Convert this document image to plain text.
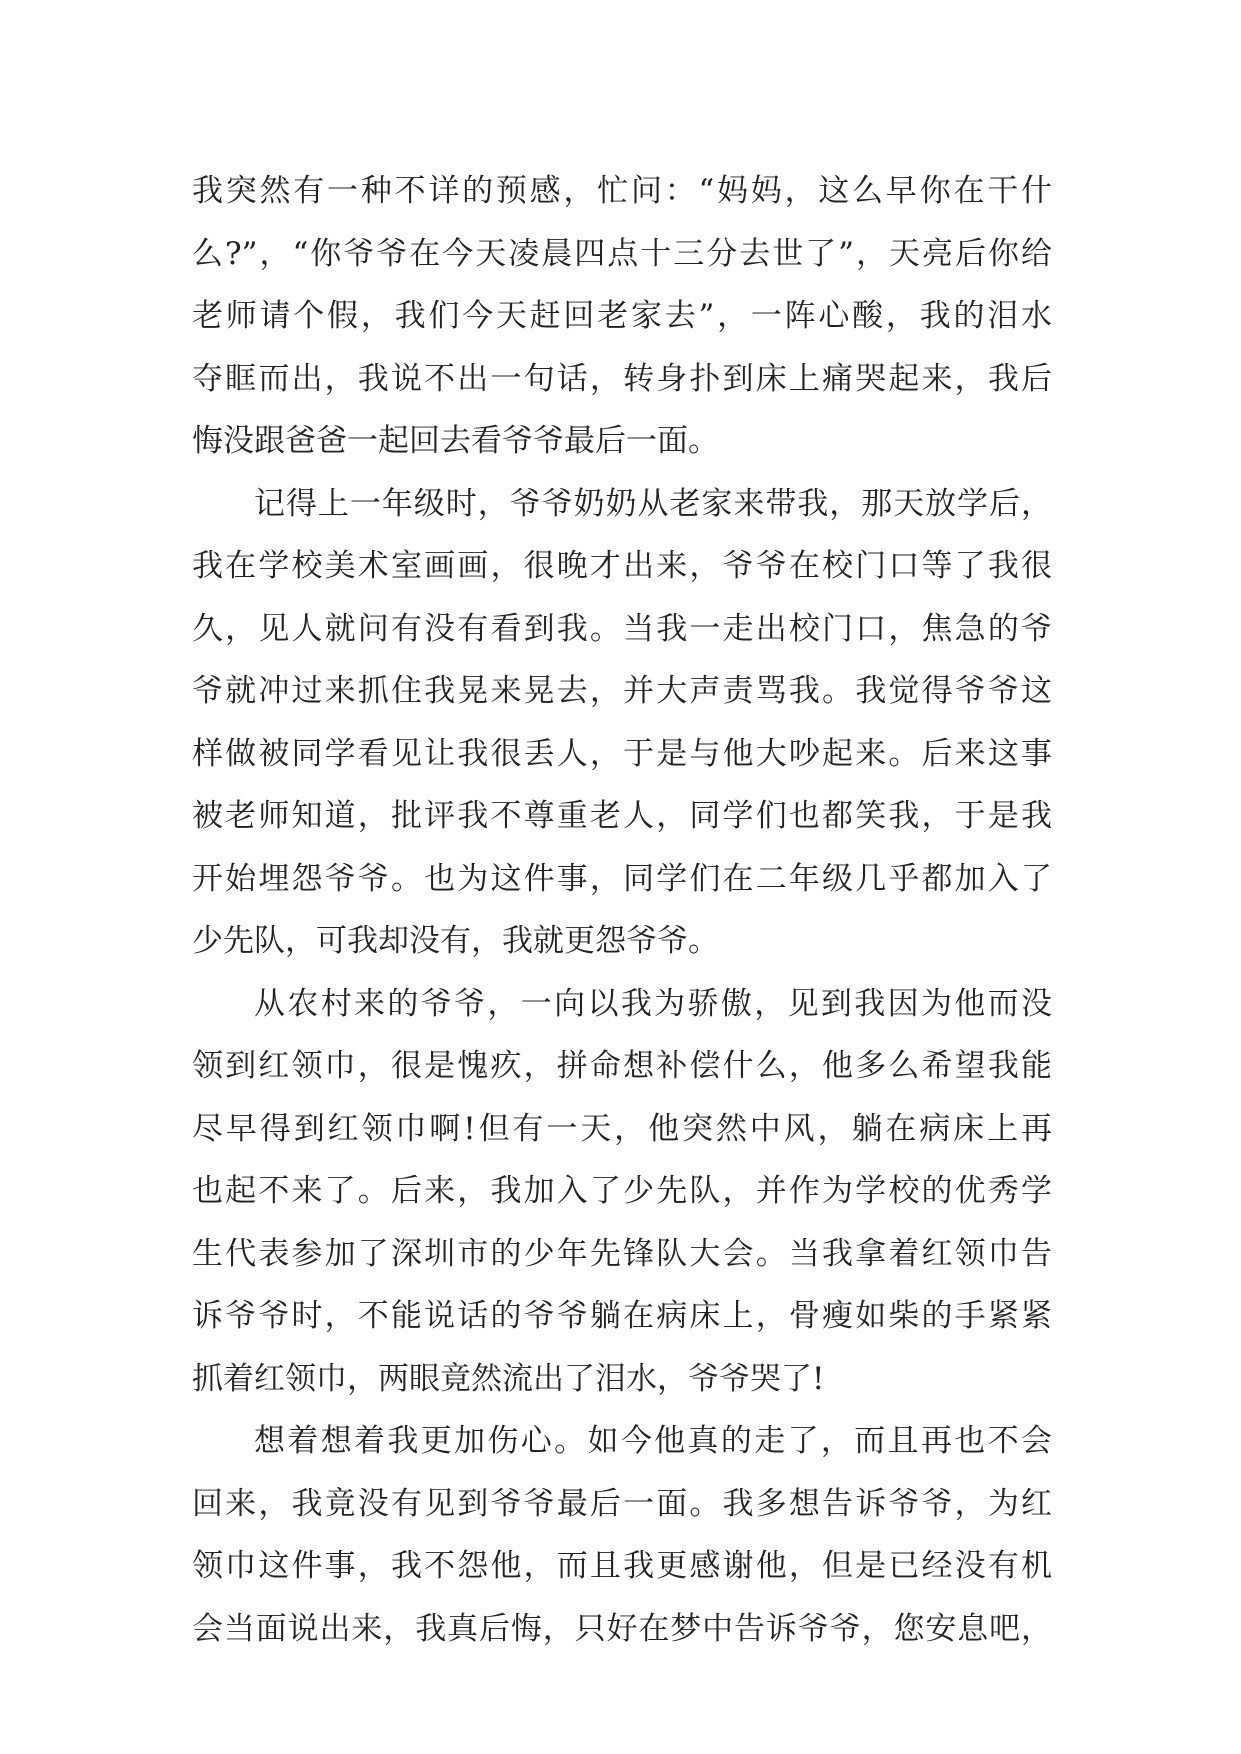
我突然有一种不详的预感，忙问：“妈妈，这么早你在干什
么?”，“你爷爷在今天凌晨四点十三分去世了”，天亮后你给
老师请个假，我们今天赶回老家去”，一阵心酸，我的泪水
夺眶而出，我说不出一句话，转身扑到床上痛哭起来，我后
悔没跟爸爸一起回去看爷爷最后一面。
记得上一年级时，爷爷奶奶从老家来带我，那天放学后，
我在学校美术室画画，很晚才出来，爷爷在校门口等了我很
久，见人就问有没有看到我。当我一走出校门口，焦急的爷
爷就冲过来抓住我晃来晃去，并大声责骂我。我觉得爷爷这
样做被同学看见让我很丢人，于是与他大吵起来。后来这事
被老师知道，批评我不尊重老人，同学们也都笑我，于是我
开始埋怨爷爷。也为这件事，同学们在二年级几乎都加入了
少先队，可我却没有，我就更怨爷爷。
从农村来的爷爷，一向以我为骄傲，见到我因为他而没
领到红领巾，很是愧疚，拼命想补偿什么，他多么希望我能
尽早得到红领巾啊!但有一天，他突然中风，躺在病床上再
也起不来了。后来，我加入了少先队，并作为学校的优秀学
生代表参加了深圳市的少年先锋队大会。当我拿着红领巾告
诉爷爷时，不能说话的爷爷躺在病床上，骨瘦如柴的手紧紧
抓着红领巾，两眼竟然流出了泪水，爷爷哭了!
想着想着我更加伤心。如今他真的走了，而且再也不会
回来，我竟没有见到爷爷最后一面。我多想告诉爷爷，为红
领巾这件事，我不怨他，而且我更感谢他，但是已经没有机
会当面说出来，我真后悔，只好在梦中告诉爷爷，您安息吧，
